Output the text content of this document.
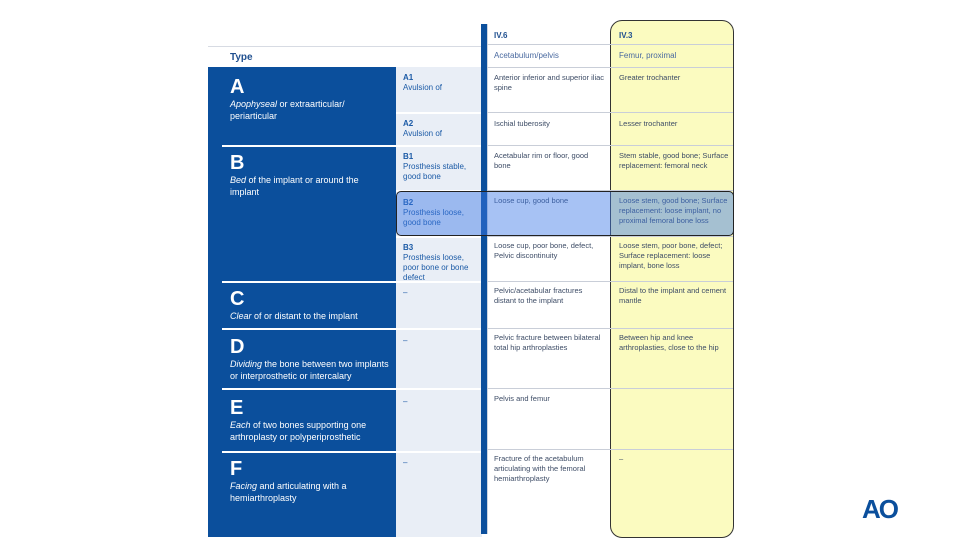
Type
A
Apophyseal or extraarticular/ periarticular
B
Bed of the implant or around the implant
C
Clear of or distant to the implant
D
Dividing the bone between two implants or interprosthetic or intercalary
E
Each of two bones supporting one arthroplasty or polyperiprosthetic
F
Facing and articulating with a hemiarthroplasty
A1
Avulsion of
A2
Avulsion of
B1
Prosthesis stable, good bone
B2
Prosthesis loose, good bone
B3
Prosthesis loose, poor bone or bone defect
–
–
–
–
IV.6
Acetabulum/pelvis
IV.3
Femur, proximal
Anterior inferior and superior iliac spine
Ischial tuberosity
Acetabular rim or floor, good bone
Loose cup, good bone
Loose cup, poor bone, defect, Pelvic discontinuity
Pelvic/acetabular fractures distant to the implant
Pelvic fracture between bilateral total hip arthroplasties
Pelvis and femur
Fracture of the acetabulum articulating with the femoral hemiarthroplasty
Greater trochanter
Lesser trochanter
Stem stable, good bone; Surface replacement: femoral neck
Loose stem, good bone; Surface replacement: loose implant, no proximal femoral bone loss
Loose stem, poor bone, defect; Surface replacement: loose implant, bone loss
Distal to the implant and cement mantle
Between hip and knee arthroplasties, close to the hip
–
AO
